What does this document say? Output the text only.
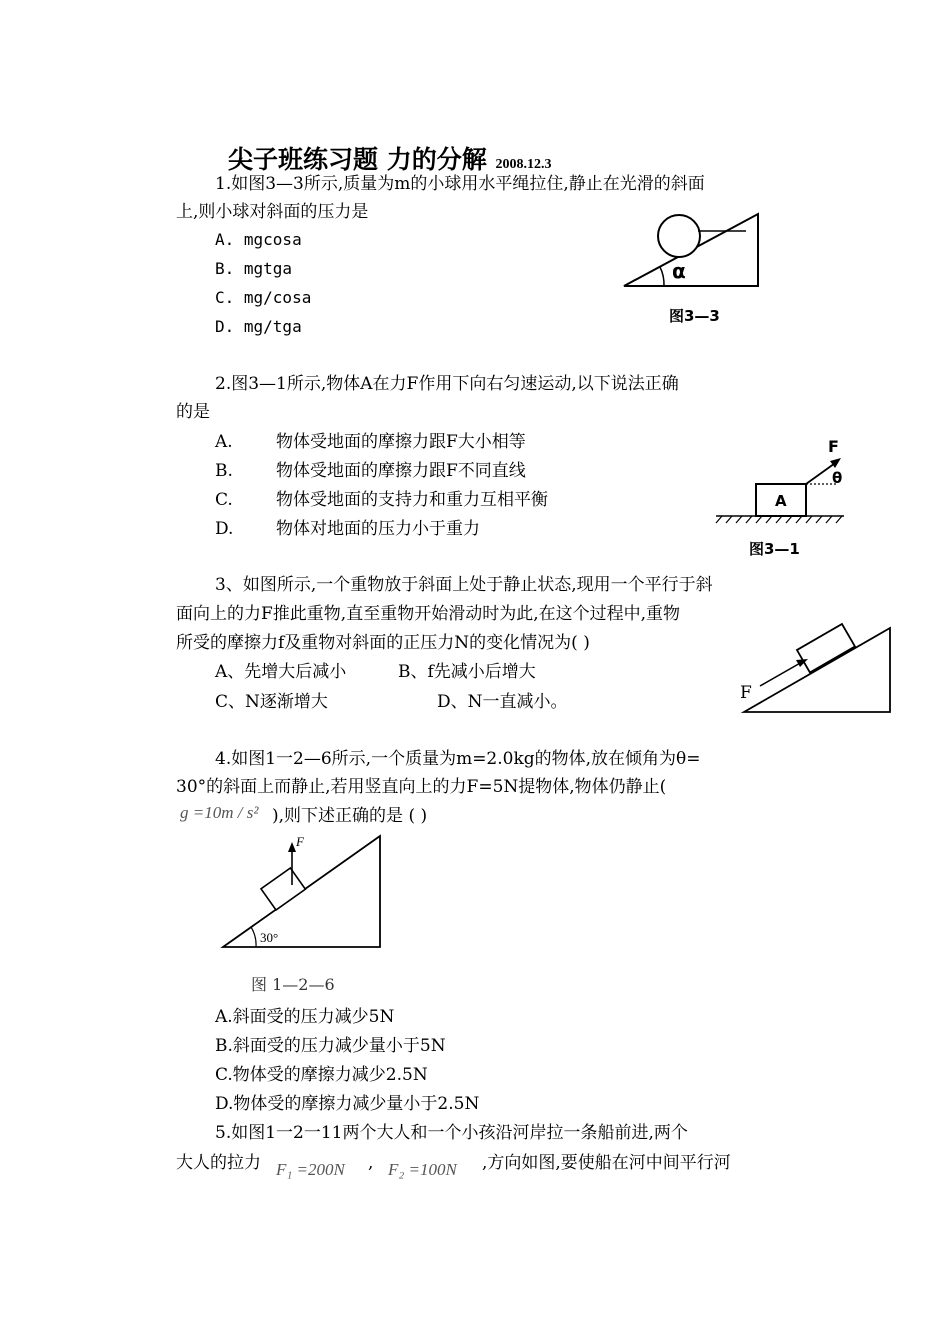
尖子班练习题 力的分解 2008.12.3
1.如图3—3所示,质量为m的小球用水平绳拉住,静止在光滑的斜面
上,则小球对斜面的压力是
A. mgcosa
B. mgtga
C. mg/cosa
D. mg/tga
α
图3—3
2.图3—1所示,物体A在力F作用下向右匀速运动,以下说法正确
的是
A.	物体受地面的摩擦力跟F大小相等
B.	物体受地面的摩擦力跟F不同直线
C.	物体受地面的支持力和重力互相平衡
D.	物体对地面的压力小于重力
A
F
θ
图3—1
3、如图所示,一个重物放于斜面上处于静止状态,现用一个平行于斜
面向上的力F推此重物,直至重物开始滑动时为此,在这个过程中,重物
所受的摩擦力f及重物对斜面的正压力N的变化情况为( )
A、先增大后减小	B、f先减小后增大
C、N逐渐增大	D、N一直减小。	F
4.如图1一2—6所示,一个质量为m=2.0kg的物体,放在倾角为θ=
30°的斜面上而静止,若用竖直向上的力F=5N提物体,物体仍静止(
g =10m / s² ),则下述正确的是 ( )
F
30°
图 1—2—6
A.斜面受的压力减少5N
B.斜面受的压力减少量小于5N
C.物体受的摩擦力减少2.5N
D.物体受的摩擦力减少量小于2.5N
5.如图1一2一11两个大人和一个小孩沿河岸拉一条船前进,两个
大人的拉力 F₁ =200N , F₂ =100N ,方向如图,要使船在河中间平行河
